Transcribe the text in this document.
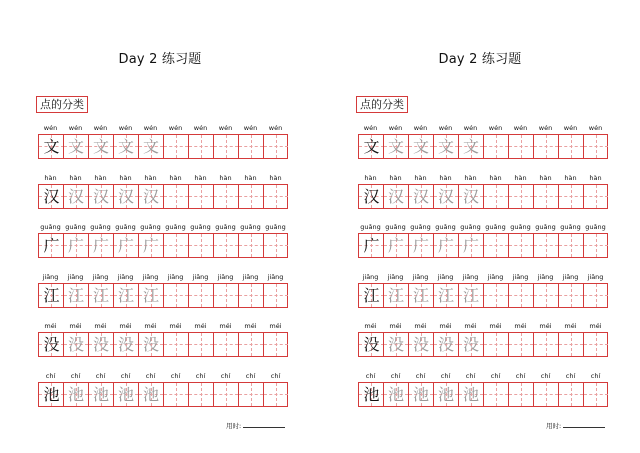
Day 2 练习题
点的分类
wén	wén	wén	wén	wén	wén	wén	wén	wén	wén
文 文 文 文 文
hàn	hàn	hàn	hàn	hàn	hàn	hàn	hàn	hàn	hàn
汉 汉 汉 汉 汉
guǎng guǎng guǎng guǎng guǎng guǎng guǎng guǎng guǎng guǎng
广 广 广 广 广
jiāng	jiāng	jiāng	jiāng	jiāng	jiāng	jiāng	jiāng	jiāng	jiāng
江 江 江 江 江
méi	méi	méi	méi	méi	méi	méi	méi	méi	méi
没 没 没 没 没
chí	chí	chí	chí	chí	chí	chí	chí	chí	chí
池 池 池 池 池
用时:
Day 2 练习题
点的分类
wén	wén	wén	wén	wén	wén	wén	wén	wén	wén
文 文 文 文 文
hàn	hàn	hàn	hàn	hàn	hàn	hàn	hàn	hàn	hàn
汉 汉 汉 汉 汉
guǎng guǎng guǎng guǎng guǎng guǎng guǎng guǎng guǎng guǎng
广 广 广 广 广
jiāng	jiāng	jiāng	jiāng	jiāng	jiāng	jiāng	jiāng	jiāng	jiāng
江 江 江 江 江
méi	méi	méi	méi	méi	méi	méi	méi	méi	méi
没 没 没 没 没
chí	chí	chí	chí	chí	chí	chí	chí	chí	chí
池 池 池 池 池
用时:
